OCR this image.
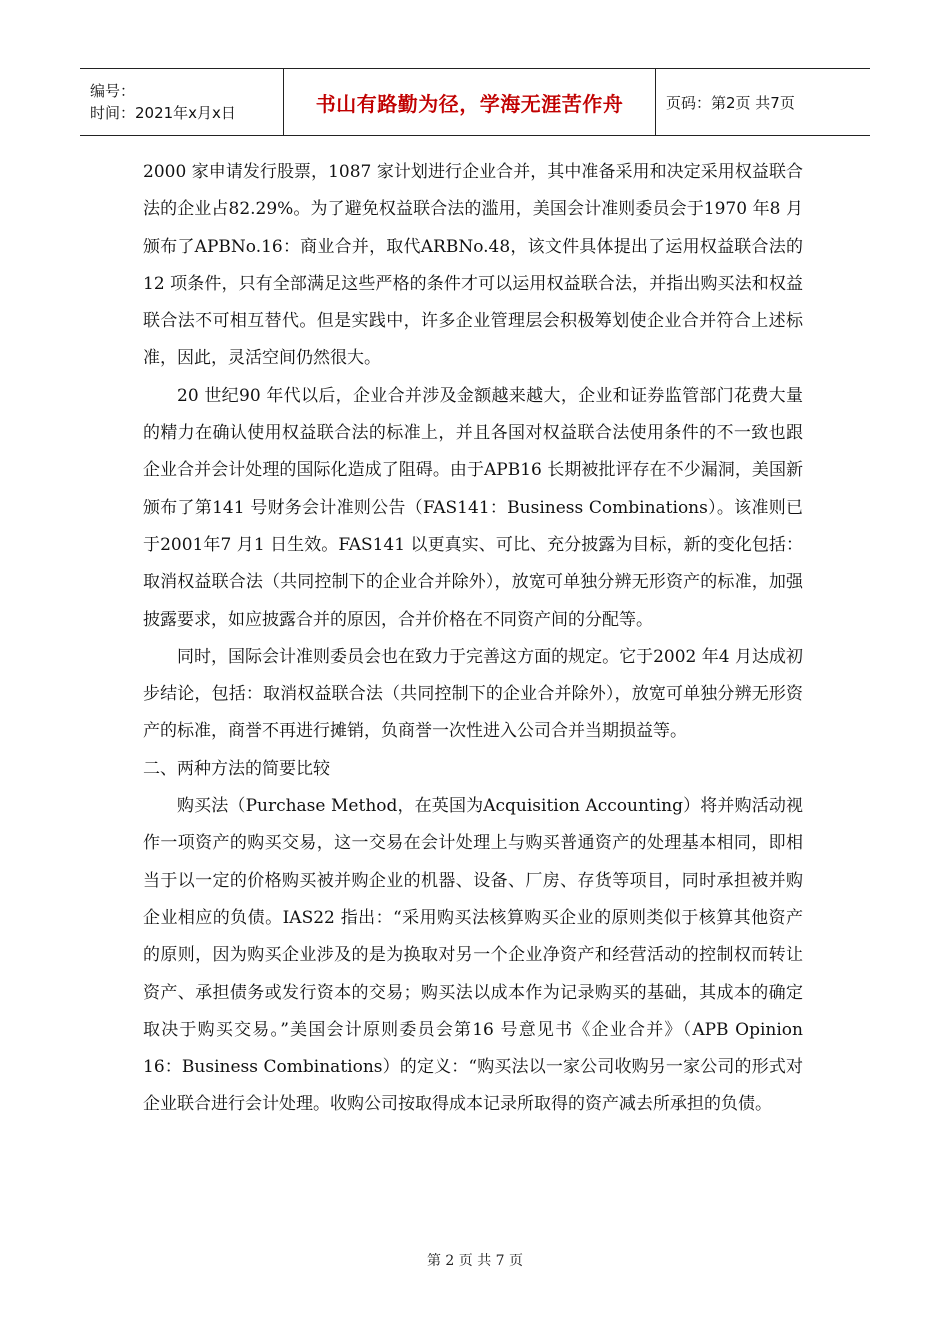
编号：
时间：2021年x月x日	书山有路勤为径，学海无涯苦作舟	页码：第2页 共7页

2000 家申请发行股票，1087 家计划进行企业合并，其中准备采用和决定采用权益联合法的企业占82.29%。为了避免权益联合法的滥用，美国会计准则委员会于1970 年8 月颁布了APBNo.16：商业合并，取代ARBNo.48，该文件具体提出了运用权益联合法的12 项条件，只有全部满足这些严格的条件才可以运用权益联合法，并指出购买法和权益联合法不可相互替代。但是实践中，许多企业管理层会积极筹划使企业合并符合上述标准，因此，灵活空间仍然很大。

20 世纪90 年代以后，企业合并涉及金额越来越大，企业和证券监管部门花费大量的精力在确认使用权益联合法的标准上，并且各国对权益联合法使用条件的不一致也跟企业合并会计处理的国际化造成了阻碍。由于APB16 长期被批评存在不少漏洞，美国新颁布了第141 号财务会计准则公告（FAS141：Business Combinations）。该准则已于2001年7 月1 日生效。FAS141 以更真实、可比、充分披露为目标，新的变化包括：取消权益联合法（共同控制下的企业合并除外），放宽可单独分辨无形资产的标准，加强披露要求，如应披露合并的原因，合并价格在不同资产间的分配等。

同时，国际会计准则委员会也在致力于完善这方面的规定。它于2002 年4 月达成初步结论，包括：取消权益联合法（共同控制下的企业合并除外），放宽可单独分辨无形资产的标准，商誉不再进行摊销，负商誉一次性进入公司合并当期损益等。

二、两种方法的简要比较

购买法（Purchase Method，在英国为Acquisition Accounting）将并购活动视作一项资产的购买交易，这一交易在会计处理上与购买普通资产的处理基本相同，即相当于以一定的价格购买被并购企业的机器、设备、厂房、存货等项目，同时承担被并购企业相应的负债。IAS22 指出：“采用购买法核算购买企业的原则类似于核算其他资产的原则，因为购买企业涉及的是为换取对另一个企业净资产和经营活动的控制权而转让资产、承担债务或发行资本的交易；购买法以成本作为记录购买的基础，其成本的确定取决于购买交易。”美国会计原则委员会第16 号意见书《企业合并》（APB Opinion 16：Business Combinations）的定义：“购买法以一家公司收购另一家公司的形式对企业联合进行会计处理。收购公司按取得成本记录所取得的资产减去所承担的负债。

第 2 页 共 7 页
